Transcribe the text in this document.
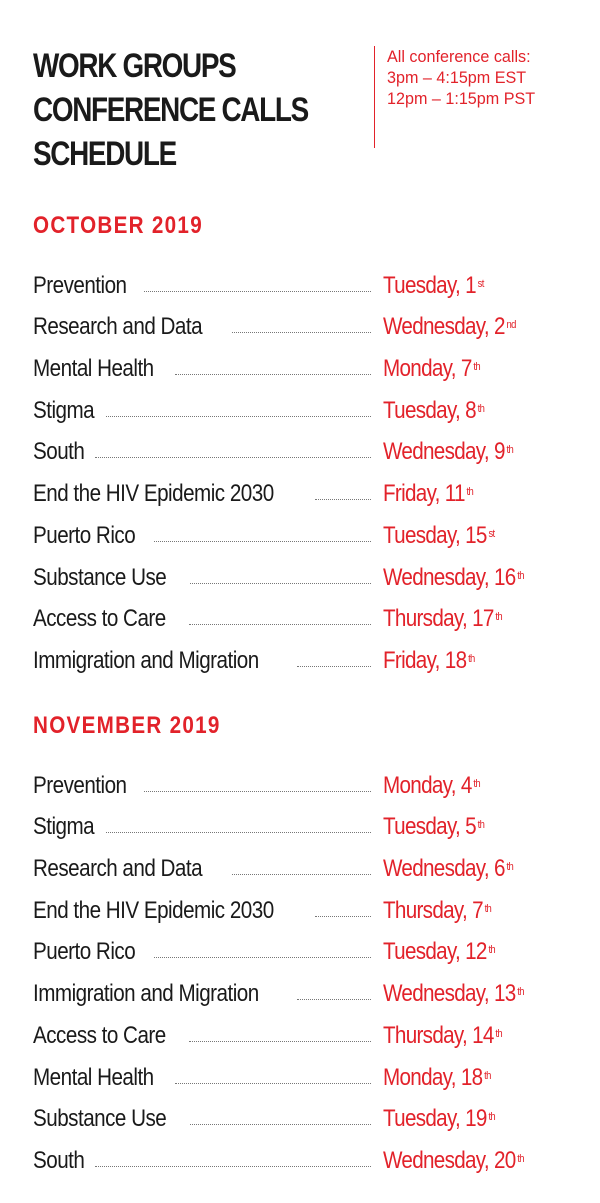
WORK GROUPS
CONFERENCE CALLS
SCHEDULE
All conference calls:
3pm – 4:15pm EST
12pm – 1:15pm PST
OCTOBER 2019
Prevention	Tuesday, 1 $^{st}$
Research and Data	Wednesday, 2 $^{nd}$
Mental Health	Monday, 7 $^{th}$
Stigma	Tuesday, 8 $^{th}$
South	Wednesday, 9 $^{th}$
End the HIV Epidemic 2030	Friday, 11 $^{th}$
Puerto Rico	Tuesday, 15 $^{st}$
Substance Use	Wednesday, 16 $^{th}$
Access to Care	Thursday, 17 $^{th}$
Immigration and Migration	Friday, 18 $^{th}$
NOVEMBER 2019
Prevention	Monday, 4 $^{th}$
Stigma	Tuesday, 5 $^{th}$
Research and Data	Wednesday, 6 $^{th}$
End the HIV Epidemic 2030	Thursday, 7 $^{th}$
Puerto Rico	Tuesday, 12 $^{th}$
Immigration and Migration	Wednesday, 13 $^{th}$
Access to Care	Thursday, 14 $^{th}$
Mental Health	Monday, 18 $^{th}$
Substance Use	Tuesday, 19 $^{th}$
South	Wednesday, 20 $^{th}$
